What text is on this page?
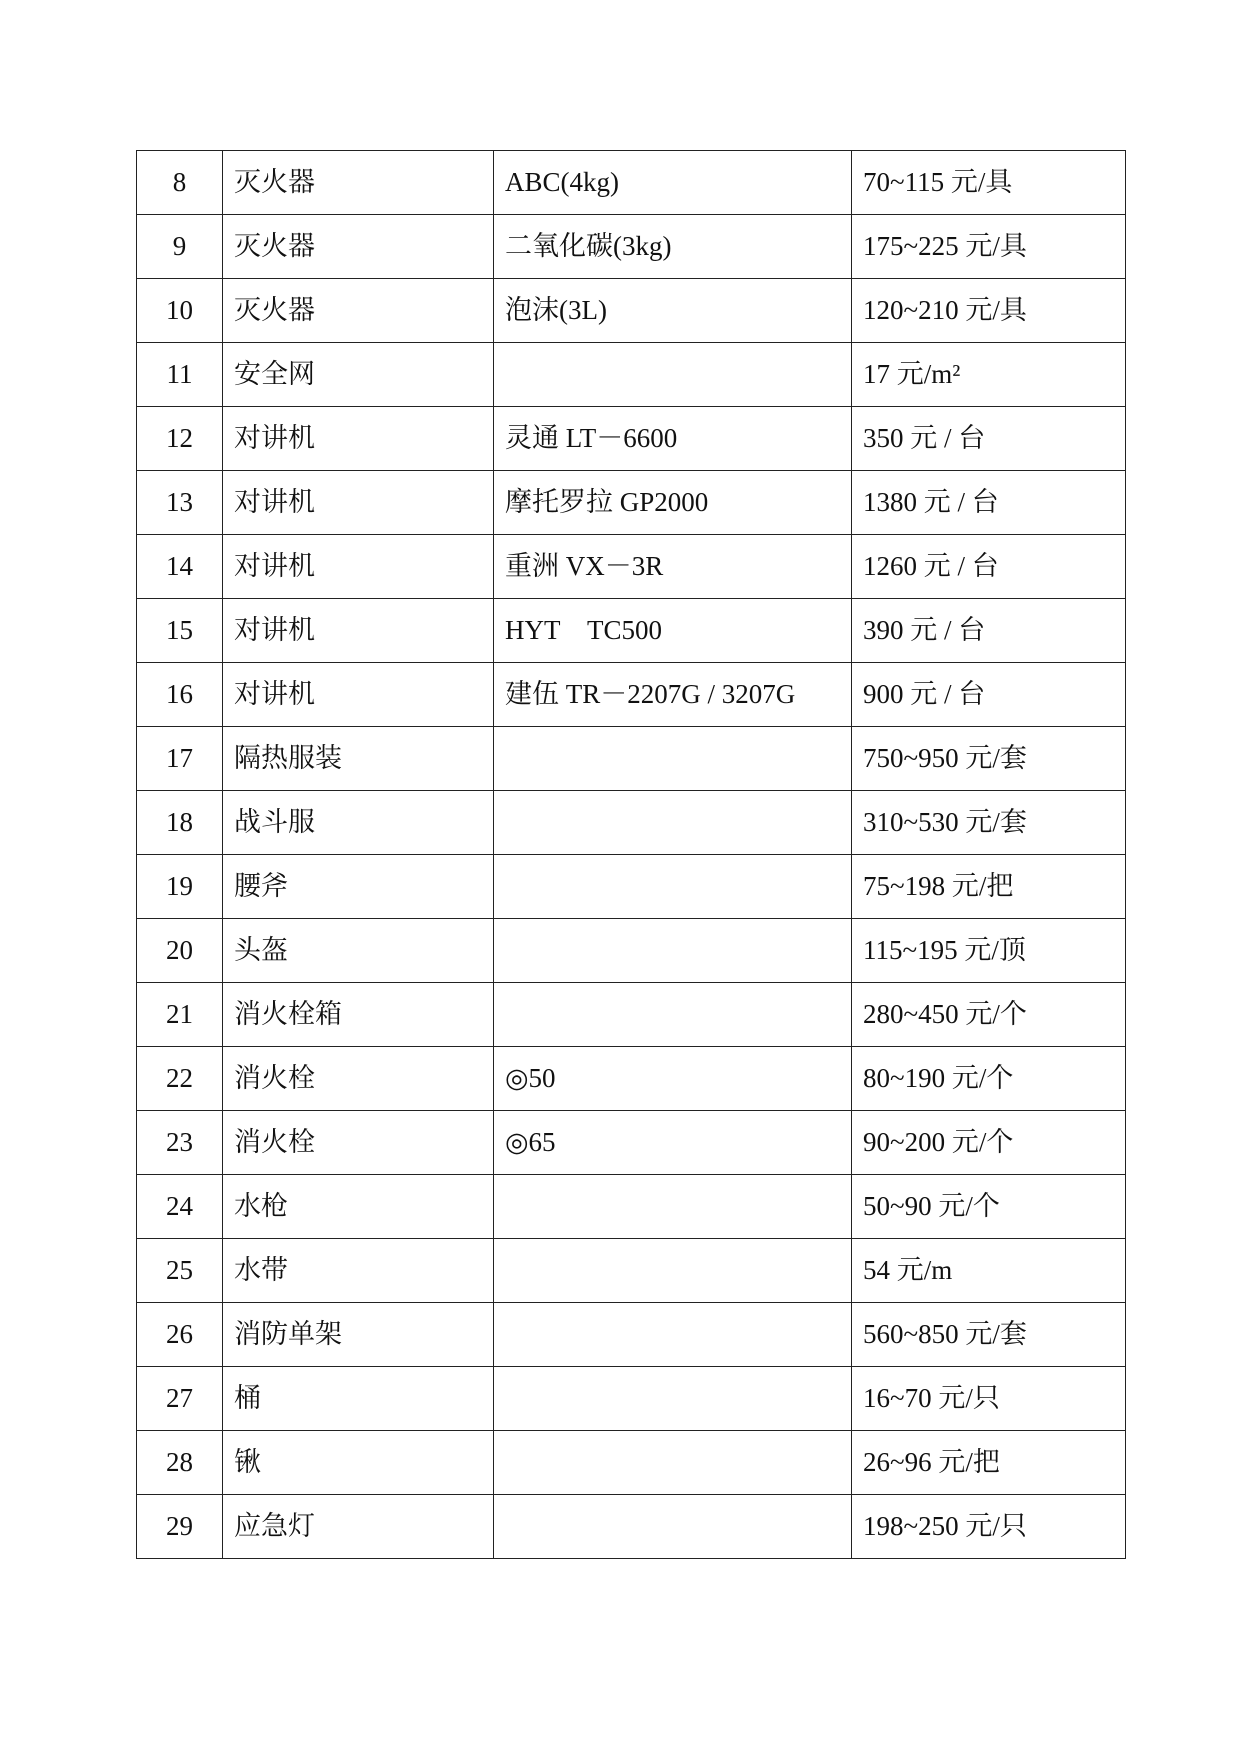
8	灭火器	ABC(4kg)	70~115 元/具
9	灭火器	二氧化碳(3kg)	175~225 元/具
10	灭火器	泡沫(3L)	120~210 元/具
11	安全网		17 元/m²
12	对讲机	灵通 LT－6600	350 元 / 台
13	对讲机	摩托罗拉 GP2000	1380 元 / 台
14	对讲机	重洲 VX－3R	1260 元 / 台
15	对讲机	HYT　TC500	390 元 / 台
16	对讲机	建伍 TR－2207G / 3207G	900 元 / 台
17	隔热服装		750~950 元/套
18	战斗服		310~530 元/套
19	腰斧		75~198 元/把
20	头盔		115~195 元/顶
21	消火栓箱		280~450 元/个
22	消火栓	◎50	80~190 元/个
23	消火栓	◎65	90~200 元/个
24	水枪		50~90 元/个
25	水带		54 元/m
26	消防单架		560~850 元/套
27	桶		16~70 元/只
28	锹		26~96 元/把
29	应急灯		198~250 元/只
